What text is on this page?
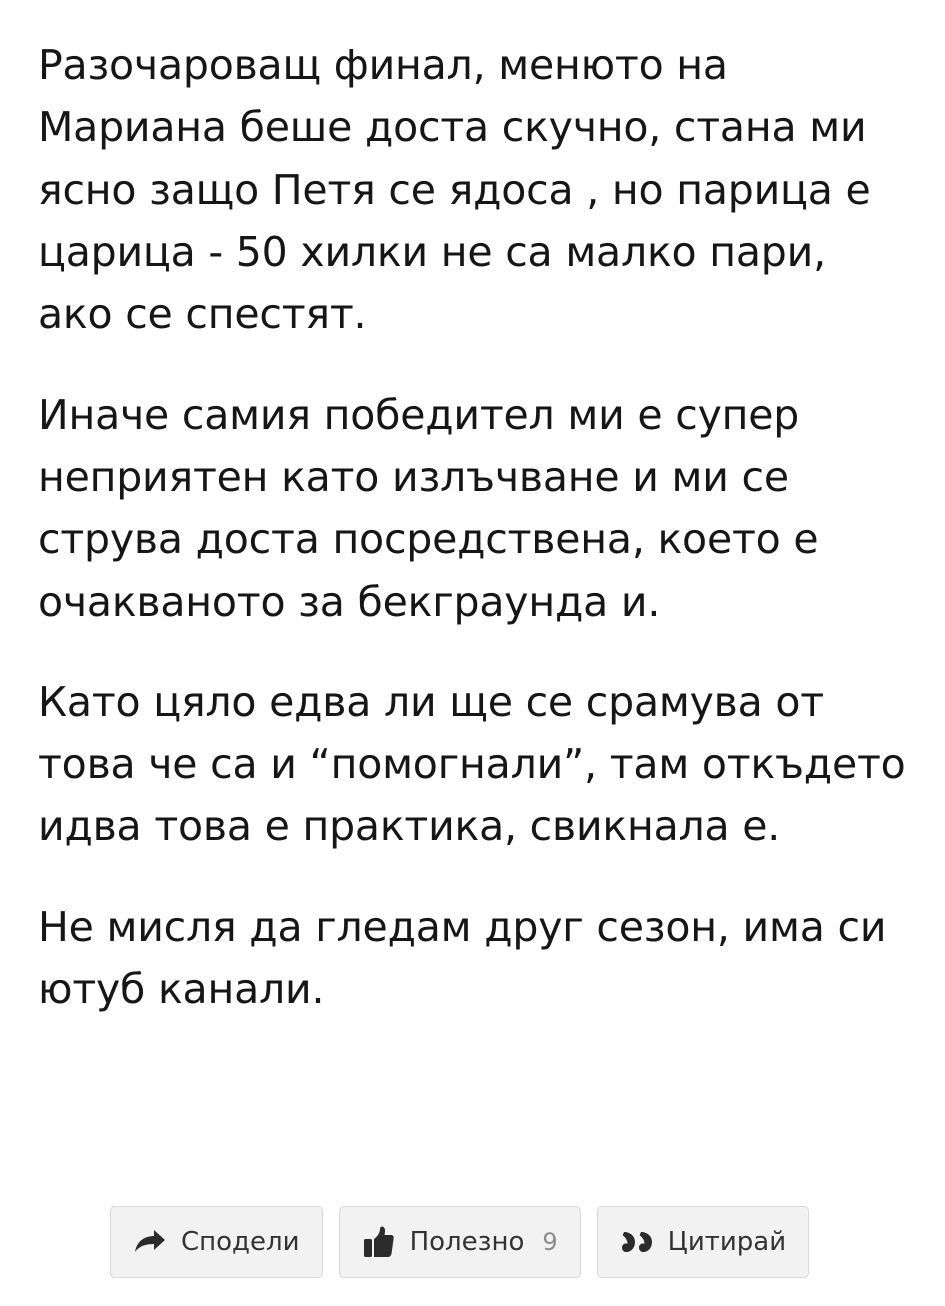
Разочароващ финал, менюто на Мариана беше доста скучно, стана ми ясно защо Петя се ядоса , но парица е царица - 50 хилки не са малко пари, ако се спестят.

Иначе самия победител ми е супер неприятен като излъчване и ми се струва доста посредствена, което е очакваното за бекграунда и.

Като цяло едва ли ще се срамува от това че са и “помогнали”, там откъдето идва това е практика, свикнала е.

Не мисля да гледам друг сезон, има си ютуб канали.

Сподели	Полезно 9	Цитирай
